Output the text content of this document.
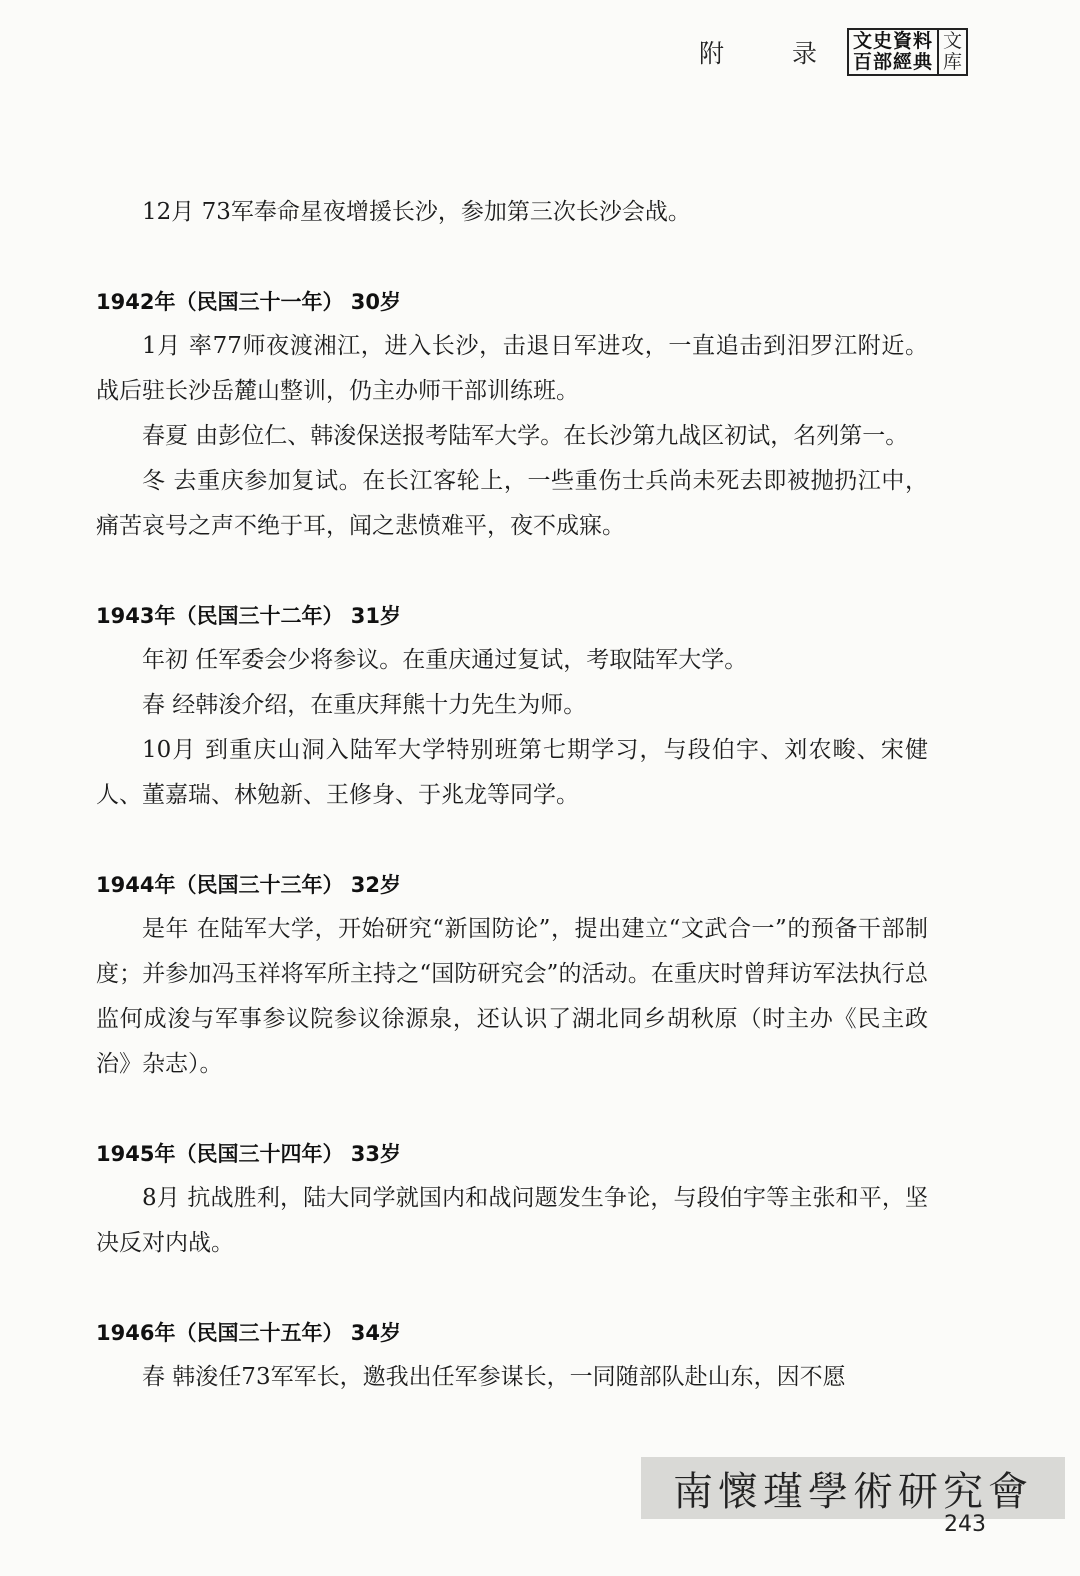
附 录 文史資料
百部經典
文
库

12月 73军奉命星夜增援长沙，参加第三次长沙会战。

1942年（民国三十一年） 30岁

1月 率77师夜渡湘江，进入长沙，击退日军进攻，一直追击到汨罗江附近。战后驻长沙岳麓山整训，仍主办师干部训练班。

春夏 由彭位仁、韩浚保送报考陆军大学。在长沙第九战区初试，名列第一。

冬 去重庆参加复试。在长江客轮上，一些重伤士兵尚未死去即被抛扔江中，痛苦哀号之声不绝于耳，闻之悲愤难平，夜不成寐。

1943年（民国三十二年） 31岁

年初 任军委会少将参议。在重庆通过复试，考取陆军大学。

春 经韩浚介绍，在重庆拜熊十力先生为师。

10月 到重庆山洞入陆军大学特别班第七期学习，与段伯宇、刘农畯、宋健人、董嘉瑞、林勉新、王修身、于兆龙等同学。

1944年（民国三十三年） 32岁

是年 在陆军大学，开始研究“新国防论”，提出建立“文武合一”的预备干部制度；并参加冯玉祥将军所主持之“国防研究会”的活动。在重庆时曾拜访军法执行总监何成浚与军事参议院参议徐源泉，还认识了湖北同乡胡秋原（时主办《民主政治》杂志）。

1945年（民国三十四年） 33岁

8月 抗战胜利，陆大同学就国内和战问题发生争论，与段伯宇等主张和平，坚决反对内战。

1946年（民国三十五年） 34岁

春 韩浚任73军军长，邀我出任军参谋长，一同随部队赴山东，因不愿

南懷瑾學術研究會
243
